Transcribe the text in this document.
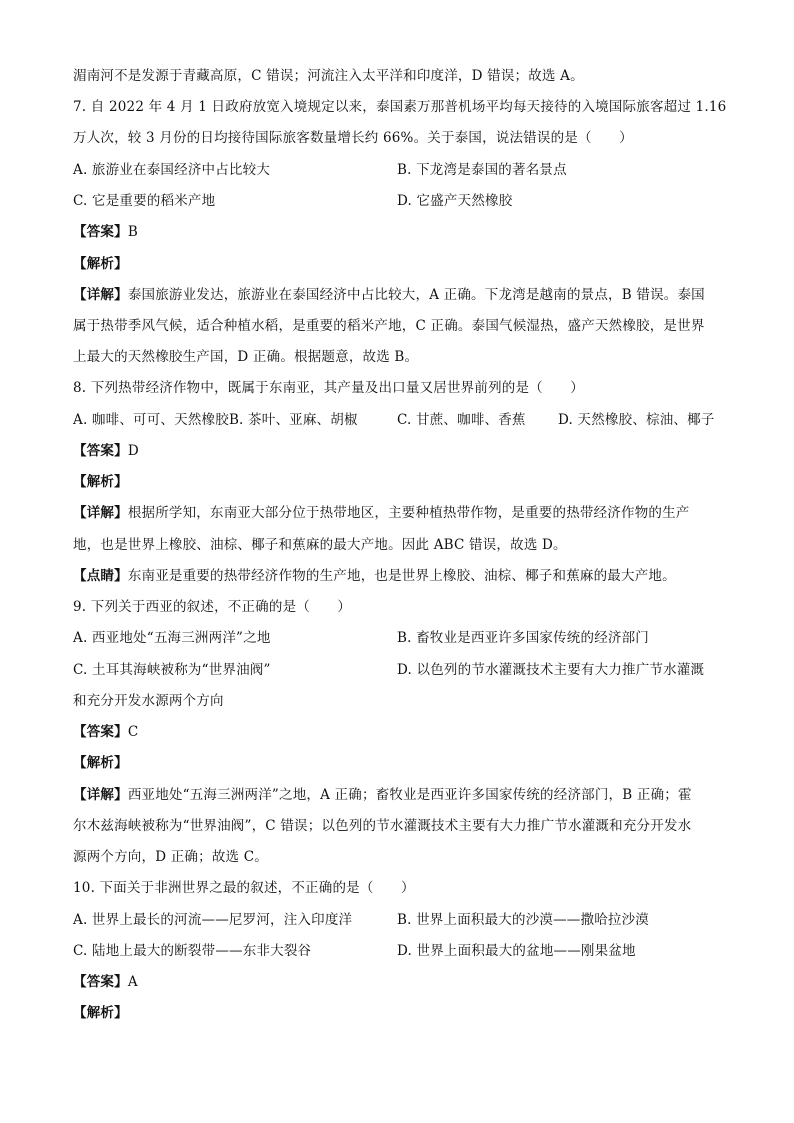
湄南河不是发源于青藏高原，C 错误；河流注入太平洋和印度洋，D 错误；故选 A。
7. 自 2022 年 4 月 1 日政府放宽入境规定以来，泰国素万那普机场平均每天接待的入境国际旅客超过 1.16
万人次，较 3 月份的日均接待国际旅客数量增长约 66%。关于泰国，说法错误的是（　　）
A. 旅游业在泰国经济中占比较大	B. 下龙湾是泰国的著名景点
C. 它是重要的稻米产地	D. 它盛产天然橡胶
【答案】B
【解析】
【详解】泰国旅游业发达，旅游业在泰国经济中占比较大，A 正确。下龙湾是越南的景点，B 错误。泰国
属于热带季风气候，适合种植水稻，是重要的稻米产地，C 正确。泰国气候湿热，盛产天然橡胶，是世界
上最大的天然橡胶生产国，D 正确。根据题意，故选 B。
8. 下列热带经济作物中，既属于东南亚，其产量及出口量又居世界前列的是（　　）
A. 咖啡、可可、天然橡胶B. 茶叶、亚麻、胡椒	C. 甘蔗、咖啡、香蕉 D. 天然橡胶、棕油、椰子
【答案】D
【解析】
【详解】根据所学知，东南亚大部分位于热带地区，主要种植热带作物，是重要的热带经济作物的生产
地，也是世界上橡胶、油棕、椰子和蕉麻的最大产地。因此 ABC 错误，故选 D。
【点睛】东南亚是重要的热带经济作物的生产地，也是世界上橡胶、油棕、椰子和蕉麻的最大产地。
9. 下列关于西亚的叙述，不正确的是（　　）
A. 西亚地处“五海三洲两洋”之地	B. 畜牧业是西亚许多国家传统的经济部门
C. 土耳其海峡被称为“世界油阀”	D. 以色列的节水灌溉技术主要有大力推广节水灌溉
和充分开发水源两个方向
【答案】C
【解析】
【详解】西亚地处“五海三洲两洋”之地，A 正确；畜牧业是西亚许多国家传统的经济部门，B 正确；霍
尔木兹海峡被称为“世界油阀”，C 错误；以色列的节水灌溉技术主要有大力推广节水灌溉和充分开发水
源两个方向，D 正确；故选 C。
10. 下面关于非洲世界之最的叙述，不正确的是（　　）
A. 世界上最长的河流——尼罗河，注入印度洋	B. 世界上面积最大的沙漠——撒哈拉沙漠
C. 陆地上最大的断裂带——东非大裂谷	D. 世界上面积最大的盆地——刚果盆地
【答案】A
【解析】
